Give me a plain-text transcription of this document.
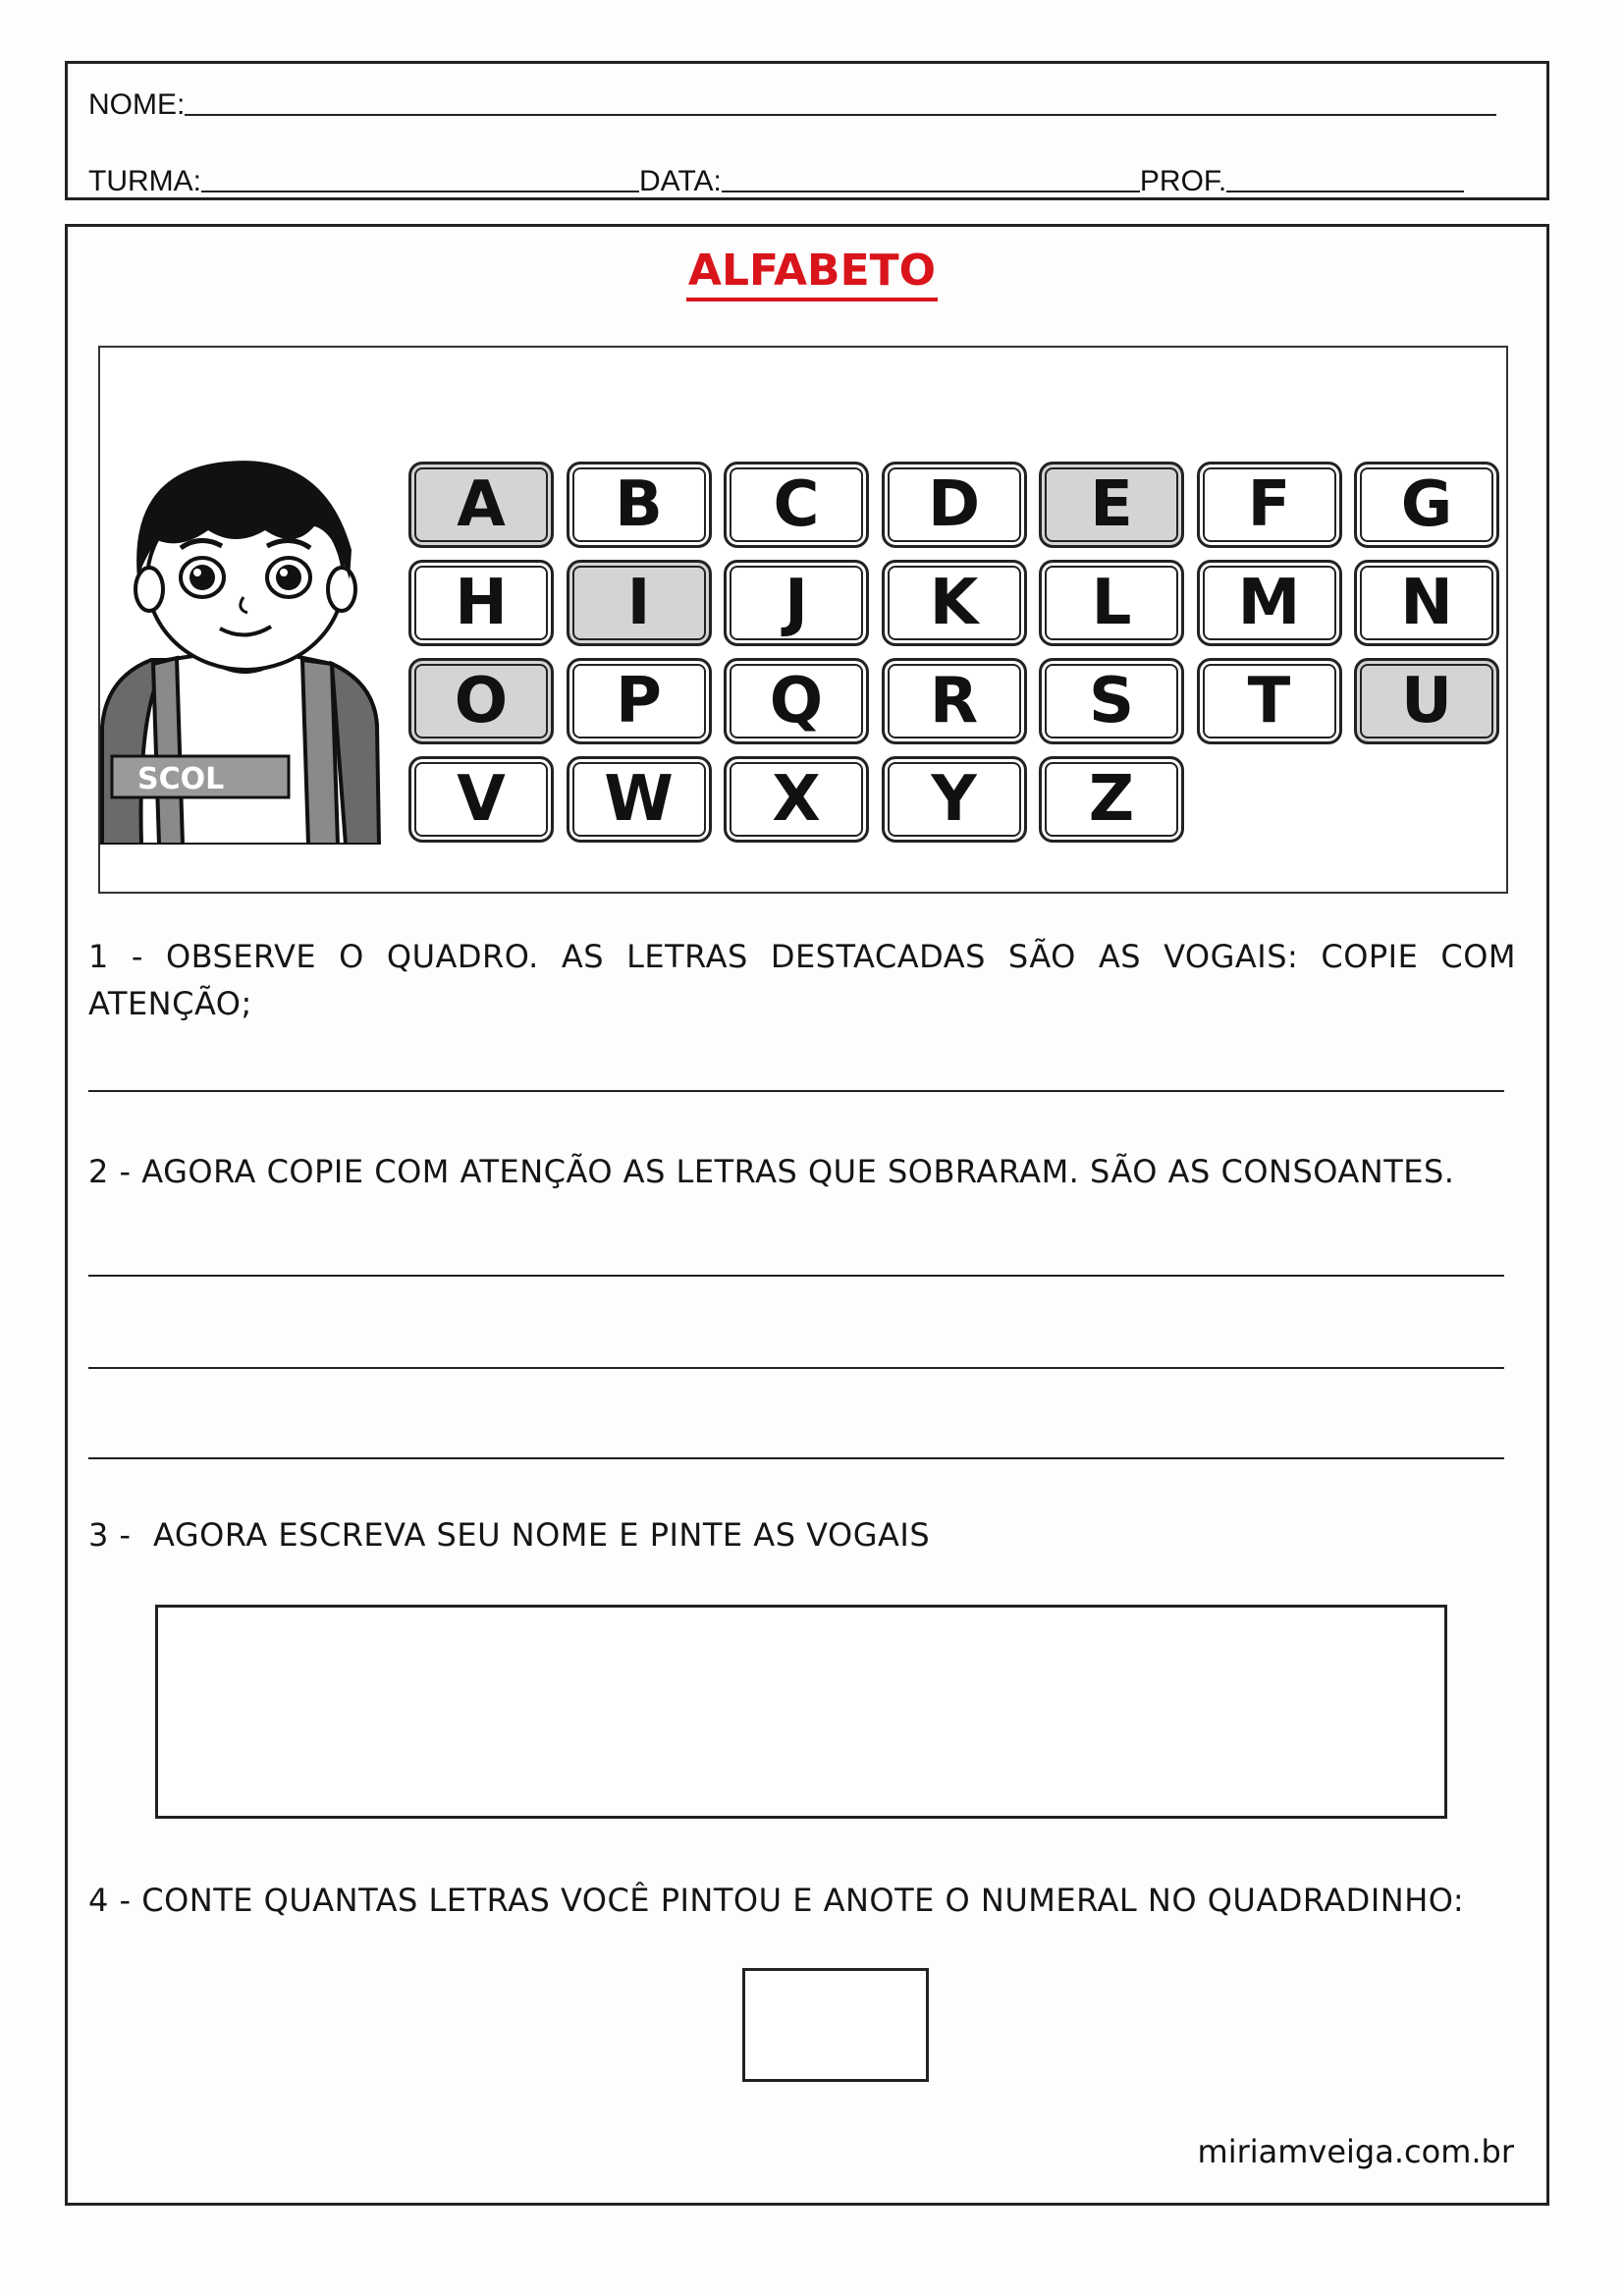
NOME:
TURMA:	DATA:	PROF.
ALFABETO
SCOL
A	B	C	D	E	F	G
H	I	J	K	L	M	N
O	P	Q	R	S	T	U
V	W	X	Y	Z
1 - OBSERVE O QUADRO. AS LETRAS DESTACADAS SÃO AS VOGAIS: COPIE COM ATENÇÃO;
2 - AGORA COPIE COM ATENÇÃO AS LETRAS QUE SOBRARAM. SÃO AS CONSOANTES.
3 - AGORA ESCREVA SEU NOME E PINTE AS VOGAIS
4 - CONTE QUANTAS LETRAS VOCÊ PINTOU E ANOTE O NUMERAL NO QUADRADINHO:
miriamveiga.com.br
